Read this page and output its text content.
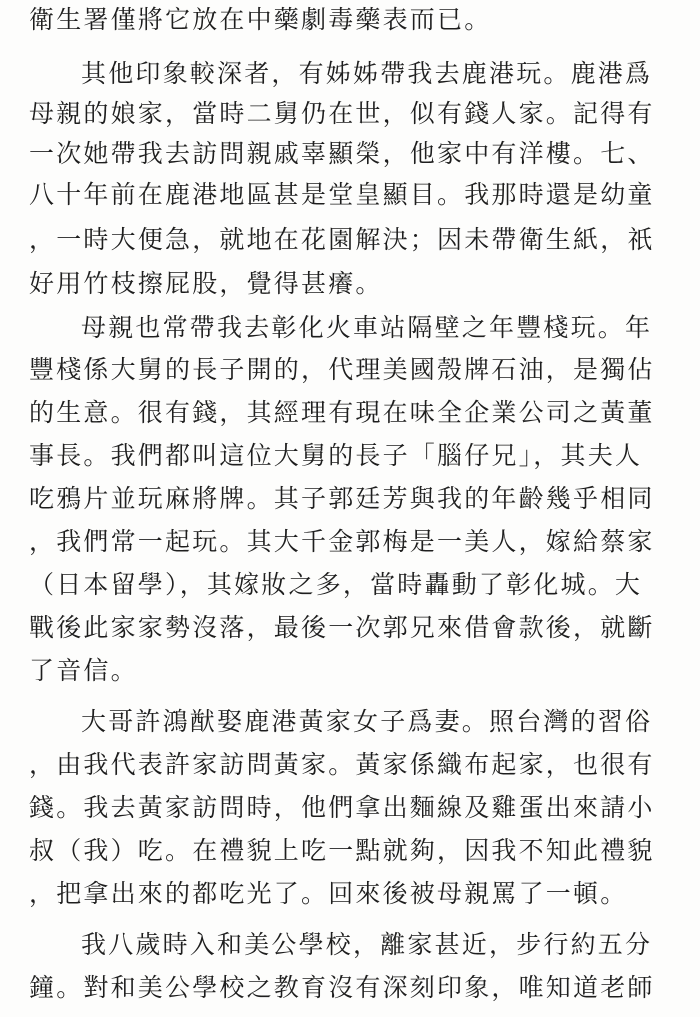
衛生署僅將它放在中藥劇毒藥表而已。
其他印象較深者，有姊姊帶我去鹿港玩。鹿港爲
母親的娘家，當時二舅仍在世，似有錢人家。記得有
一次她帶我去訪問親戚辜顯榮，他家中有洋樓。七、
八十年前在鹿港地區甚是堂皇顯目。我那時還是幼童
，一時大便急，就地在花園解決；因未帶衛生紙，祇
好用竹枝擦屁股，覺得甚癢。
母親也常帶我去彰化火車站隔壁之年豐棧玩。年
豐棧係大舅的長子開的，代理美國殼牌石油，是獨佔
的生意。很有錢，其經理有現在味全企業公司之黃董
事長。我們都叫這位大舅的長子「腦仔兄」，其夫人
吃鴉片並玩麻將牌。其子郭廷芳與我的年齡幾乎相同
，我們常一起玩。其大千金郭梅是一美人，嫁給蔡家
（日本留學），其嫁妝之多，當時轟動了彰化城。大
戰後此家家勢沒落，最後一次郭兄來借會款後，就斷
了音信。
大哥許鴻猷娶鹿港黃家女子爲妻。照台灣的習俗
，由我代表許家訪問黃家。黃家係織布起家，也很有
錢。我去黃家訪問時，他們拿出麵線及雞蛋出來請小
叔（我）吃。在禮貌上吃一點就夠，因我不知此禮貌
，把拿出來的都吃光了。回來後被母親罵了一頓。
我八歲時入和美公學校，離家甚近，步行約五分
鐘。對和美公學校之教育沒有深刻印象，唯知道老師
